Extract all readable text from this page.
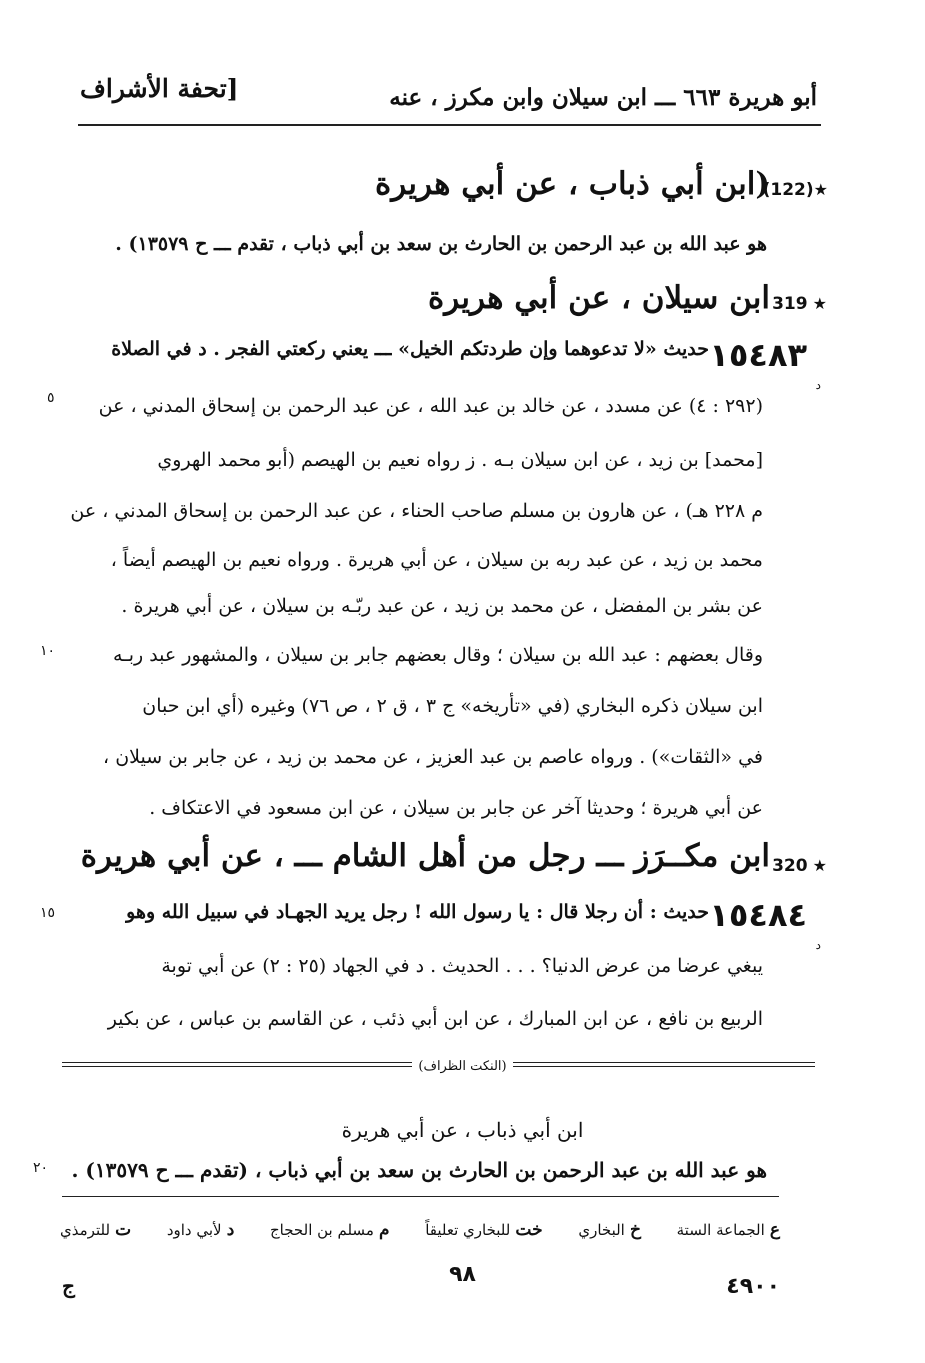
أبو هريرة ٦٦٣ ـــ ابن سيلان وابن مكرز ، عنه
[تحفة الأشراف
(122)★
(ابن أبي ذباب ، عن أبي هريرة
هو عبد الله بن عبد الرحمن بن الحارث بن سعد بن أبي ذباب ، تقدم ـــ ح ١٣٥٧٩) .
319 ★
ابن سيلان ، عن أبي هريرة
١٥٤٨٣
د
حديث «لا تدعوهما وإن طردتكم الخيل» ـــ يعني ركعتي الفجر . د في الصلاة
(٢٩٢ : ٤) عن مسدد ، عن خالد بن عبد الله ، عن عبد الرحمن بن إسحاق المدني ، عن
[محمد] بن زيد ، عن ابن سيلان بـه . ز رواه نعيم بن الهيصم (أبو محمد الهروي
م ٢٢٨ هـ) ، عن هارون بن مسلم صاحب الحناء ، عن عبد الرحمن بن إسحاق المدني ، عن
محمد بن زيد ، عن عبد ربه بن سيلان ، عن أبي هريرة . ورواه نعيم بن الهيصم أيضاً ،
عن بشر بن المفضل ، عن محمد بن زيد ، عن عبد ربّـه بن سيلان ، عن أبي هريرة .
وقال بعضهم : عبد الله بن سيلان ؛ وقال بعضهم جابر بن سيلان ، والمشهور عبد ربـه
ابن سيلان ذكره البخاري (في «تأريخه» ج ٣ ، ق ٢ ، ص ٧٦) وغيره (أي ابن حبان
في «الثقات») . ورواه عاصم بن عبد العزيز ، عن محمد بن زيد ، عن جابر بن سيلان ،
عن أبي هريرة ؛ وحديثا آخر عن جابر بن سيلان ، عن ابن مسعود في الاعتكاف .
٥
١٠
320 ★
ابن مكــرَز ـــ رجل من أهل الشام ـــ ، عن أبي هريرة
١٥٤٨٤
د
حديث : أن رجلا قال : يا رسول الله ! رجل يريد الجهـاد في سبيل الله وهو
يبغي عرضا من عرض الدنيا؟ . . . الحديث . د في الجهاد (٢٥ : ٢) عن أبي توبة
الربيع بن نافع ، عن ابن المبارك ، عن ابن أبي ذئب ، عن القاسم بن عباس ، عن بكير
١٥
(النكت الظراف)
ابن أبي ذباب ، عن أبي هريرة
هو عبد الله بن عبد الرحمن بن الحارث بن سعد بن أبي ذباب ، (تقدم ـــ ح ١٣٥٧٩) .
٢٠
ع الجماعة الستة
خ البخاري
خت للبخاري تعليقاً
م مسلم بن الحجاج
د لأبي داود
ت للترمذي
٤٩٠٠
٩٨
ج
